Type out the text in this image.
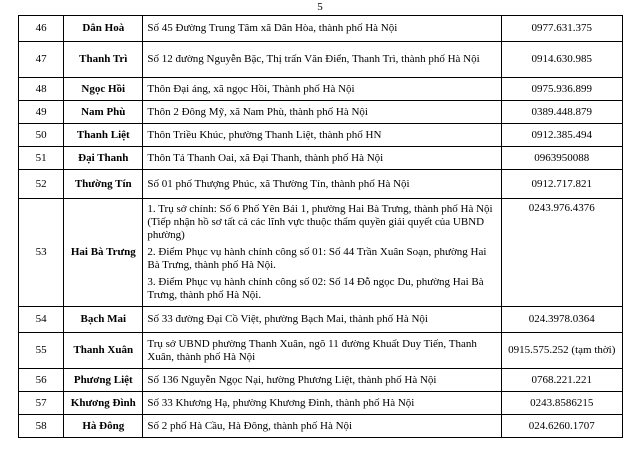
5
46	Dân Hoà	Số 45 Đường Trung Tâm xã Dân Hòa, thành phố Hà Nội	0977.631.375
47	Thanh Trì	Số 12 đường Nguyễn Bặc, Thị trấn Văn Điển, Thanh Trì, thành phố Hà Nội	0914.630.985
48	Ngọc Hồi	Thôn Đại áng, xã ngọc Hồi, Thành phố Hà Nội	0975.936.899
49	Nam Phù	Thôn 2 Đông Mỹ, xã Nam Phù, thành phố Hà Nội	0389.448.879
50	Thanh Liệt	Thôn Triều Khúc, phường Thanh Liệt, thành phố HN	0912.385.494
51	Đại Thanh	Thôn Tả Thanh Oai, xã Đại Thanh, thành phố Hà Nội	0963950088
52	Thường Tín	Số 01 phố Thượng Phúc, xã Thường Tín, thành phố Hà Nội	0912.717.821
53	Hai Bà Trưng	1. Trụ sở chính: Số 6 Phố Yên Bái 1, phường Hai Bà Trưng, thành phố Hà Nội (Tiếp nhận hồ sơ tất cả các lĩnh vực thuộc thẩm quyền giải quyết của UBND phường)
2. Điểm Phục vụ hành chính công số 01: Số 44 Trần Xuân Soạn, phường Hai Bà Trưng, thành phố Hà Nội.
3. Điểm Phục vụ hành chính công số 02: Số 14 Đỗ ngọc Du, phường Hai Bà Trưng, thành phố Hà Nội.	0243.976.4376
54	Bạch Mai	Số 33 đường Đại Cồ Việt, phường Bạch Mai, thành phố Hà Nội	024.3978.0364
55	Thanh Xuân	Trụ sở UBND phường Thanh Xuân, ngõ 11 đường Khuất Duy Tiến, Thanh Xuân, thành phố Hà Nội	0915.575.252 (tạm thời)
56	Phương Liệt	Số 136 Nguyễn Ngọc Nại, hường Phương Liệt, thành phố Hà Nội	0768.221.221
57	Khương Đình	Số 33 Khương Hạ, phường Khương Đình, thành phố Hà Nội	0243.8586215
58	Hà Đông	Số 2 phố Hà Cầu, Hà Đông, thành phố Hà Nội	024.6260.1707
